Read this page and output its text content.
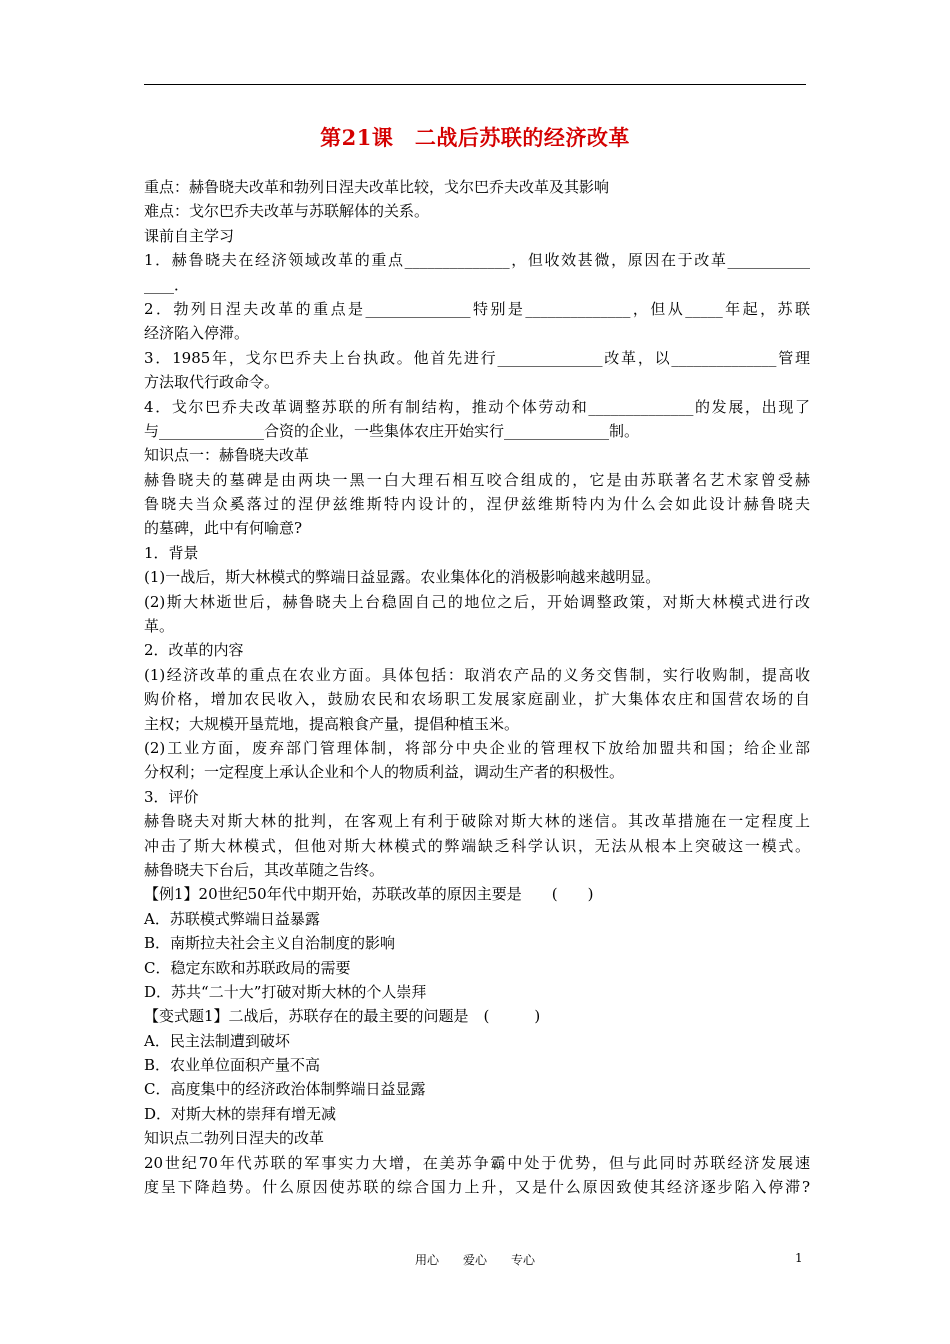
第21课　二战后苏联的经济改革
重点：赫鲁晓夫改革和勃列日涅夫改革比较，戈尔巴乔夫改革及其影响
难点：戈尔巴乔夫改革与苏联解体的关系。
课前自主学习
1．赫鲁晓夫在经济领域改革的重点______________，但收效甚微，原因在于改革___________
____．
2．勃列日涅夫改革的重点是______________特别是______________，但从_____年起，苏联
经济陷入停滞。
3．1985年，戈尔巴乔夫上台执政。他首先进行______________改革，以______________管理
方法取代行政命令。
4．戈尔巴乔夫改革调整苏联的所有制结构，推动个体劳动和______________的发展，出现了
与______________合资的企业，一些集体农庄开始实行______________制。
知识点一：赫鲁晓夫改革
赫鲁晓夫的墓碑是由两块一黑一白大理石相互咬合组成的，它是由苏联著名艺术家曾受赫
鲁晓夫当众奚落过的涅伊兹维斯特内设计的，涅伊兹维斯特内为什么会如此设计赫鲁晓夫
的墓碑，此中有何喻意?
1．背景
(1)一战后，斯大林模式的弊端日益显露。农业集体化的消极影响越来越明显。
(2)斯大林逝世后，赫鲁晓夫上台稳固自己的地位之后，开始调整政策，对斯大林模式进行改
革。
2．改革的内容
(1)经济改革的重点在农业方面。具体包括：取消农产品的义务交售制，实行收购制，提高收
购价格，增加农民收入，鼓励农民和农场职工发展家庭副业，扩大集体农庄和国营农场的自
主权；大规模开垦荒地，提高粮食产量，提倡种植玉米。
(2)工业方面，废弃部门管理体制，将部分中央企业的管理权下放给加盟共和国；给企业部
分权利；一定程度上承认企业和个人的物质利益，调动生产者的积极性。
3．评价
赫鲁晓夫对斯大林的批判，在客观上有利于破除对斯大林的迷信。其改革措施在一定程度上
冲击了斯大林模式，但他对斯大林模式的弊端缺乏科学认识，无法从根本上突破这一模式。
赫鲁晓夫下台后，其改革随之告终。
【例1】20世纪50年代中期开始，苏联改革的原因主要是　　(　　)
A．苏联模式弊端日益暴露
B．南斯拉夫社会主义自治制度的影响
C．稳定东欧和苏联政局的需要
D．苏共“二十大”打破对斯大林的个人崇拜
【变式题1】二战后，苏联存在的最主要的问题是　(　　　)
A．民主法制遭到破坏
B．农业单位面积产量不高
C．高度集中的经济政治体制弊端日益显露
D．对斯大林的崇拜有增无减
知识点二勃列日涅夫的改革
20世纪70年代苏联的军事实力大增，在美苏争霸中处于优势，但与此同时苏联经济发展速
度呈下降趋势。什么原因使苏联的综合国力上升，又是什么原因致使其经济逐步陷入停滞?
用心　　爱心　　专心	1
